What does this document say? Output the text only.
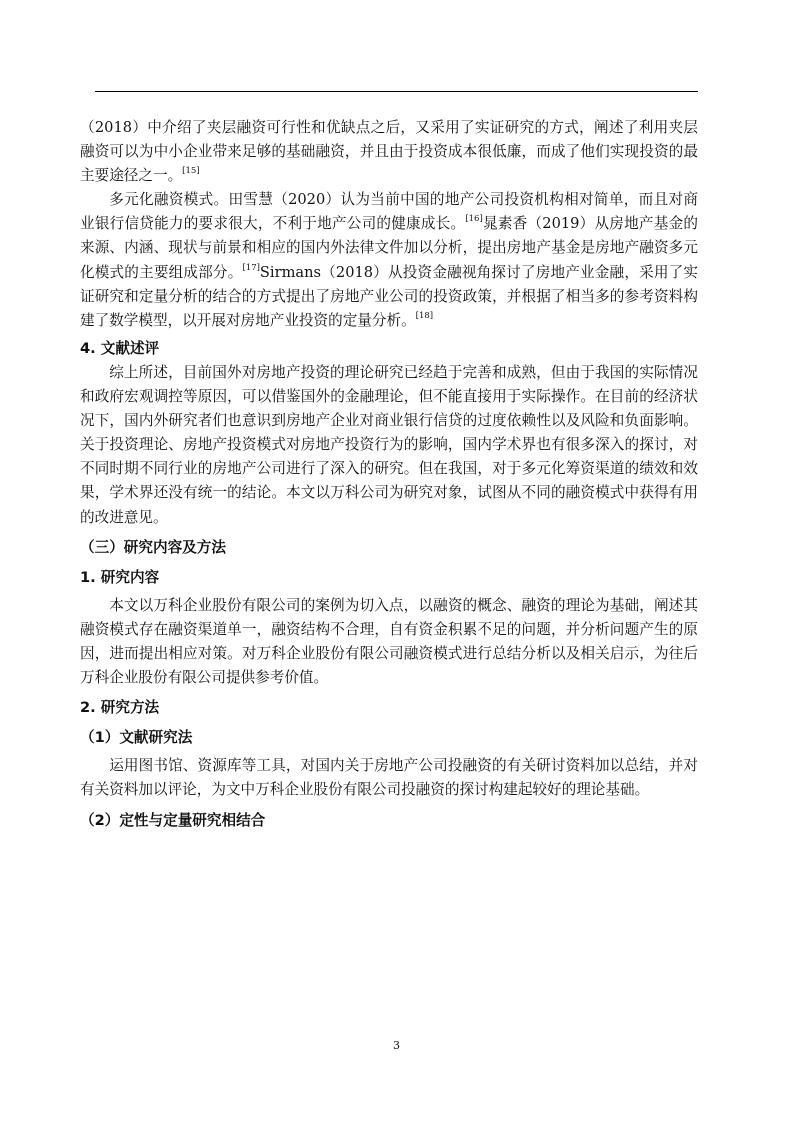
（2018）中介绍了夹层融资可行性和优缺点之后，又采用了实证研究的方式，阐述了利用夹层融资可以为中小企业带来足够的基础融资，并且由于投资成本很低廉，而成了他们实现投资的最主要途径之一。[15]

多元化融资模式。田雪慧（2020）认为当前中国的地产公司投资机构相对简单，而且对商业银行信贷能力的要求很大，不利于地产公司的健康成长。[16]晁素香（2019）从房地产基金的来源、内涵、现状与前景和相应的国内外法律文件加以分析，提出房地产基金是房地产融资多元化模式的主要组成部分。[17]Sirmans（2018）从投资金融视角探讨了房地产业金融，采用了实证研究和定量分析的结合的方式提出了房地产业公司的投资政策，并根据了相当多的参考资料构建了数学模型，以开展对房地产业投资的定量分析。[18]

4. 文献述评

综上所述，目前国外对房地产投资的理论研究已经趋于完善和成熟，但由于我国的实际情况和政府宏观调控等原因，可以借鉴国外的金融理论，但不能直接用于实际操作。在目前的经济状况下，国内外研究者们也意识到房地产企业对商业银行信贷的过度依赖性以及风险和负面影响。关于投资理论、房地产投资模式对房地产投资行为的影响，国内学术界也有很多深入的探讨，对不同时期不同行业的房地产公司进行了深入的研究。但在我国，对于多元化筹资渠道的绩效和效果，学术界还没有统一的结论。本文以万科公司为研究对象，试图从不同的融资模式中获得有用的改进意见。

（三）研究内容及方法
1. 研究内容

本文以万科企业股份有限公司的案例为切入点，以融资的概念、融资的理论为基础，阐述其融资模式存在融资渠道单一，融资结构不合理，自有资金积累不足的问题，并分析问题产生的原因，进而提出相应对策。对万科企业股份有限公司融资模式进行总结分析以及相关启示，为往后万科企业股份有限公司提供参考价值。

2. 研究方法
（1）文献研究法

运用图书馆、资源库等工具，对国内关于房地产公司投融资的有关研讨资料加以总结，并对有关资料加以评论，为文中万科企业股份有限公司投融资的探讨构建起较好的理论基础。

（2）定性与定量研究相结合
3
